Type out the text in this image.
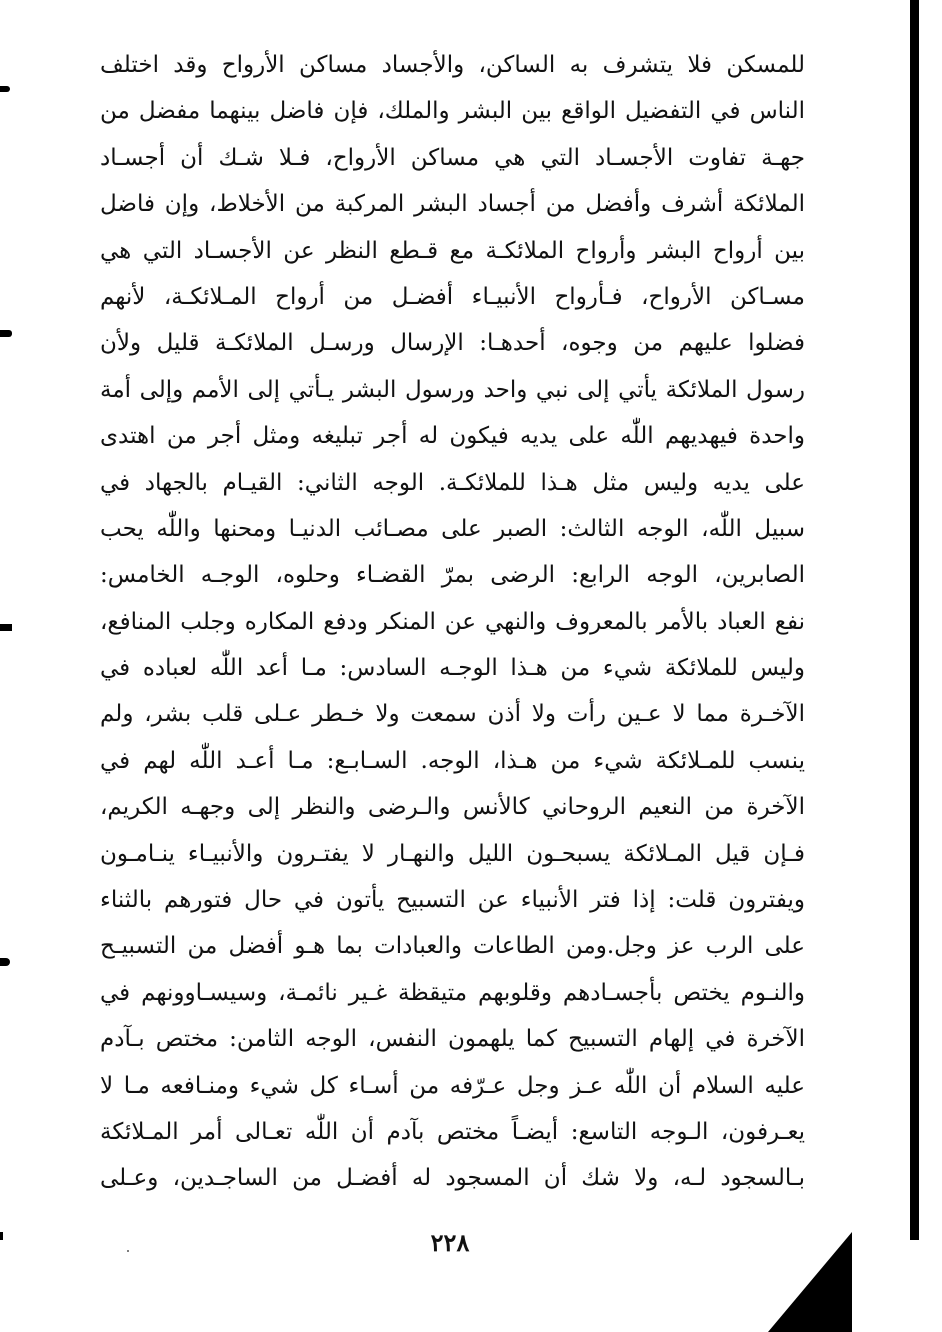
للمسكن فلا يتشرف به الساكن، والأجساد مساكن الأرواح وقد اختلف
الناس في التفضيل الواقع بين البشر والملك، فإن فاضل بينهما مفضل من
جهـة تفاوت الأجسـاد التي هي مساكن الأرواح، فـلا شـك أن أجسـاد
الملائكة أشرف وأفضل من أجساد البشر المركبة من الأخلاط، وإن فاضل
بين أرواح البشر وأرواح الملائكـة مع قـطع النظر عن الأجسـاد التي هي
مسـاكن الأرواح، فـأرواح الأنبيـاء أفضـل من أرواح المـلائكـة، لأنهم
فضلوا عليهم من وجوه، أحدهـا: الإرسال ورسـل الملائكـة قليل ولأن
رسول الملائكة يأتي إلى نبي واحد ورسول البشر يـأتي إلى الأمم وإلى أمة
واحدة فيهديهم اللّٰه على يديه فيكون له أجر تبليغه ومثل أجر من اهتدى
على يديه وليس مثل هـذا للملائكـة. الوجه الثاني: القيـام بالجهاد في
سبيل اللّٰه، الوجه الثالث: الصبر على مصـائب الدنيـا ومحنها واللّٰه يحب
الصابرين، الوجه الرابع: الرضى بمرّ القضـاء وحلوه، الوجـه الخامس:
نفع العباد بالأمر بالمعروف والنهي عن المنكر ودفع المكاره وجلب المنافع،
وليس للملائكة شيء من هـذا الوجـه السادس: مـا أعد اللّٰه لعباده في
الآخـرة مما لا عـين رأت ولا أذن سمعت ولا خـطر عـلى قلب بشر، ولم
ينسب للمـلائكة شيء من هـذا، الوجه. السـابـع: مـا أعـد اللّٰه لهم في
الآخرة من النعيم الروحاني كالأنس والـرضى والنظر إلى وجهـه الكريم،
فـإن قيل المـلائكة يسبحـون الليل والنهـار لا يفتـرون والأنبيـاء ينـامـون
ويفترون قلت: إذا فتر الأنبياء عن التسبيح يأتون في حال فتورهم بالثناء
على الرب عز وجل.ومن الطاعات والعبادات بما هـو أفضل من التسبيـح
والنـوم يختص بأجسـادهم وقلوبهم متيقظة غـير نائمـة، وسيسـاوونهم في
الآخرة في إلهام التسبيح كما يلهمون النفس، الوجه الثامن: مختص بـآدم
عليه السلام أن اللّٰه عـز وجل عـرّفه من أسـاء كل شيء ومنـافعه مـا لا
يعـرفون، الـوجه التاسع: أيضـاً مختص بآدم أن اللّٰه تعـالى أمر المـلائكة
بـالسجود لـه، ولا شك أن المسجود له أفضـل من الساجـدين، وعـلى
٢٢٨
